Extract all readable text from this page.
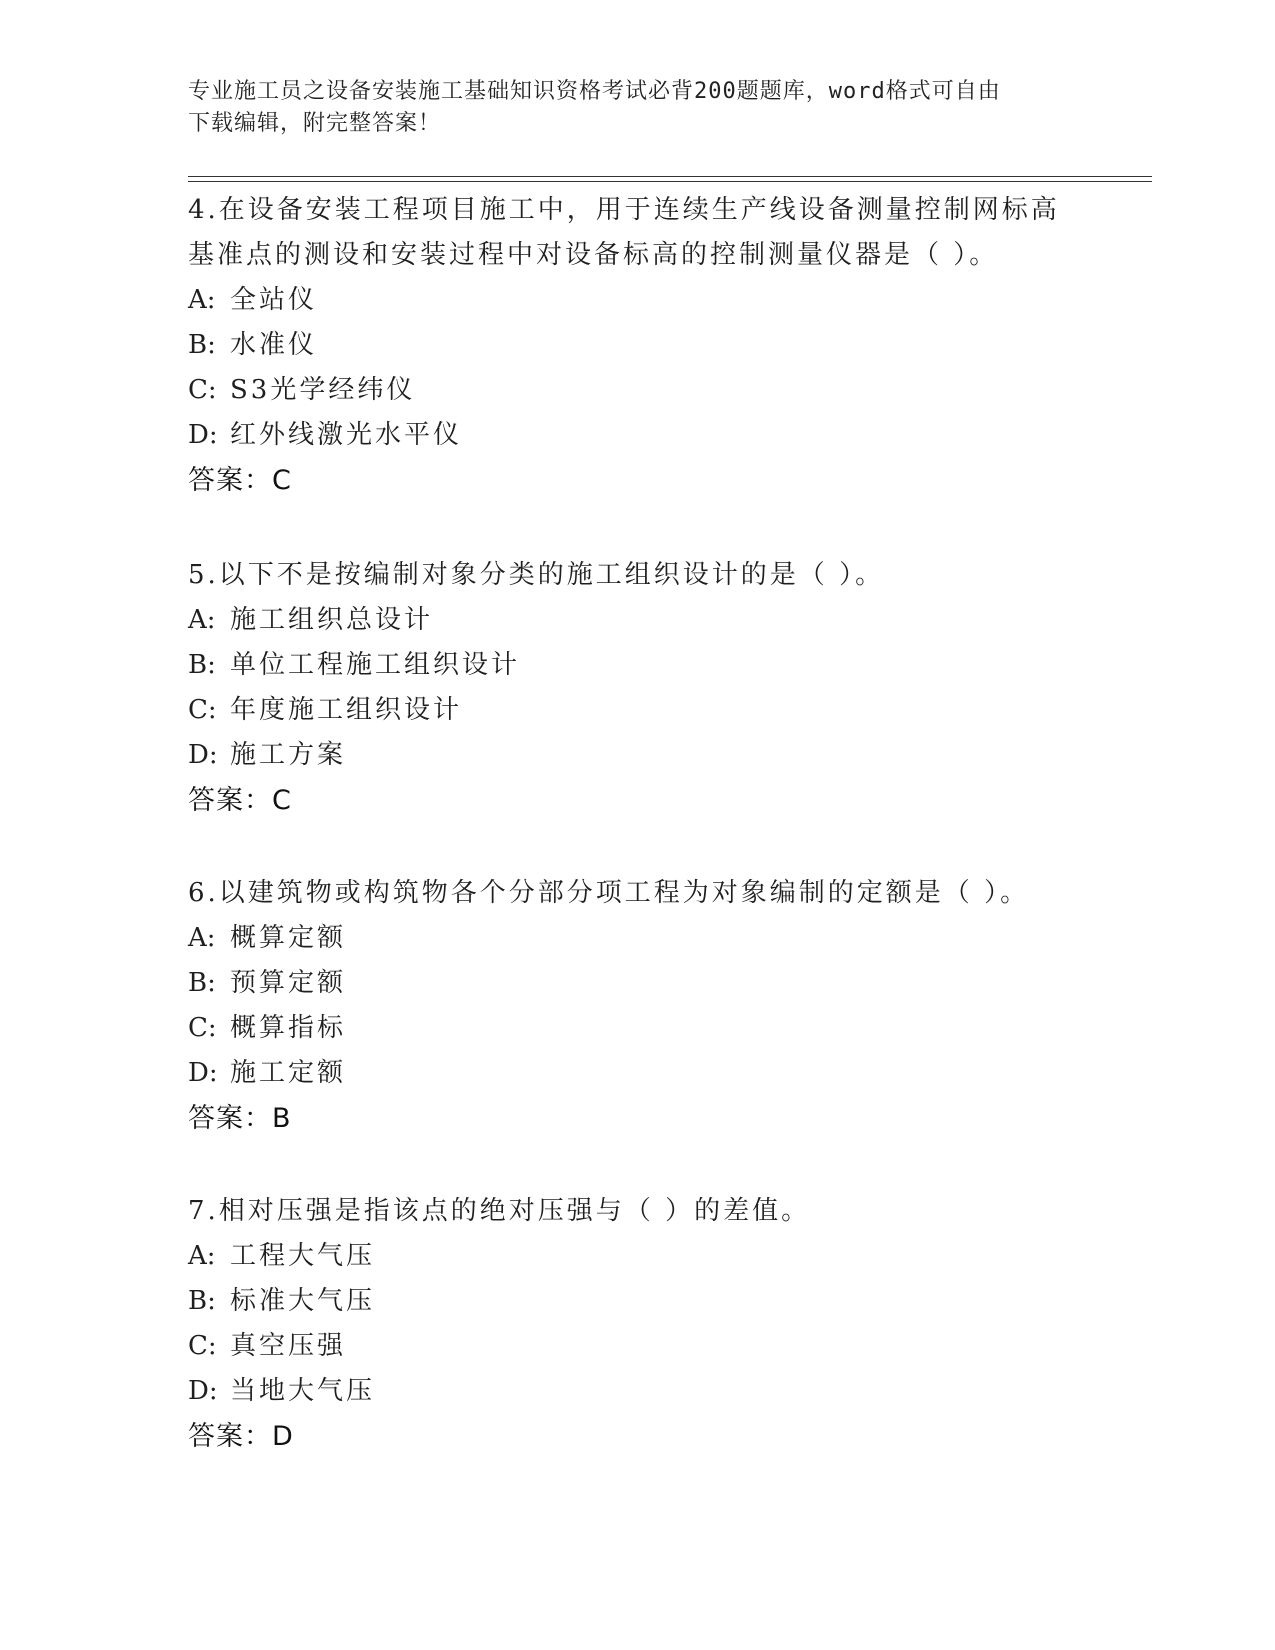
专业施工员之设备安装施工基础知识资格考试必背200题题库，word格式可自由
下载编辑，附完整答案！

4.在设备安装工程项目施工中，用于连续生产线设备测量控制网标高

基准点的测设和安装过程中对设备标高的控制测量仪器是（ ）。

A: 全站仪

B: 水准仪

C: S3光学经纬仪

D: 红外线激光水平仪

答案：C

5.以下不是按编制对象分类的施工组织设计的是（ ）。

A: 施工组织总设计

B: 单位工程施工组织设计

C: 年度施工组织设计

D: 施工方案

答案：C

6.以建筑物或构筑物各个分部分项工程为对象编制的定额是（ ）。

A: 概算定额

B: 预算定额

C: 概算指标

D: 施工定额

答案：B

7.相对压强是指该点的绝对压强与（ ）的差值。

A: 工程大气压

B: 标准大气压

C: 真空压强

D: 当地大气压

答案：D
